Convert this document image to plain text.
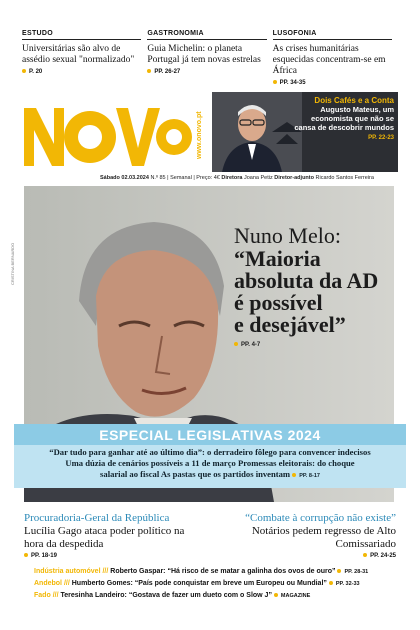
ESTUDO
Universitárias são alvo de assédio sexual "normalizado"
P. 20
GASTRONOMIA
Guia Michelin: o planeta Portugal já tem novas estrelas
PP. 26-27
LUSOFONIA
As crises humanitárias esquecidas concentram-se em África
PP. 34-35
www.onovo.pt
Dois Cafés e a Conta
Augusto Mateus, um economista que não se cansa de descobrir mundos
PP. 22-23
Sábado 02.03.2024 N.º 85 | Semanal | Preço: 4€ Diretora Joana Petiz Diretor-adjunto Ricardo Santos Ferreira
CRISTINA BERNARDO
Nuno Melo:
“Maioria
absoluta da AD
é possível
e desejável”
PP. 4-7
ESPECIAL LEGISLATIVAS 2024
“Dar tudo para ganhar até ao último dia”: o derradeiro fôlego para convencer indecisos
Uma dúzia de cenários possíveis a 11 de março Promessas eleitorais: do choque
salarial ao fiscal As pastas que os partidos inventam PP. 8-17
Procuradoria-Geral da República
Lucília Gago ataca poder político na hora da despedida
PP. 18-19
“Combate à corrupção não existe”
Notários pedem regresso de Alto Comissariado
PP. 24-25
Indústria automóvel /// Roberto Gaspar: “Há risco de se matar a galinha dos ovos de ouro” PP. 28-31
Andebol /// Humberto Gomes: “País pode conquistar em breve um Europeu ou Mundial” PP. 32-33
Fado /// Teresinha Landeiro: “Gostava de fazer um dueto com o Slow J” MAGAZINE
